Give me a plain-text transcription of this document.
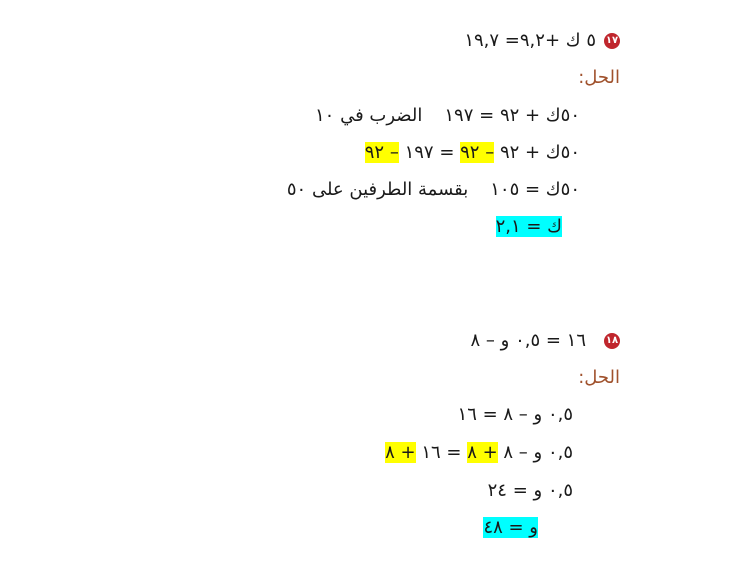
١٧٥ ك +٩,٢= ١٩,٧
الحل:
٥٠ك + ٩٢ = ١٩٧الضرب في ١٠
٥٠ك + ٩٢ – ٩٢ = ١٩٧ – ٩٢
٥٠ك = ١٠٥بقسمة الطرفين على ٥٠
ك = ٢,١
١٨١٦ = ٠,٥ و – ٨
الحل:
٠,٥ و – ٨ = ١٦
٠,٥ و – ٨ + ٨ = ١٦ + ٨
٠,٥ و = ٢٤
و = ٤٨
